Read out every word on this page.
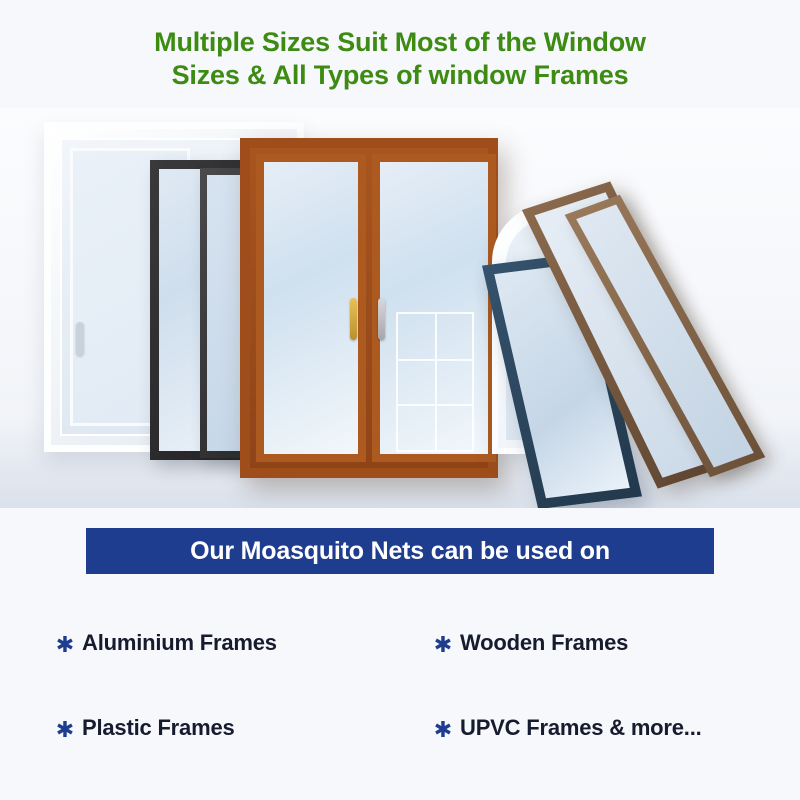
Multiple Sizes Suit Most of the Window
Sizes & All Types of window Frames
Our Moasquito Nets can be used on
✱ Aluminium Frames	✱ Wooden Frames
✱ Plastic Frames	✱ UPVC Frames & more...
